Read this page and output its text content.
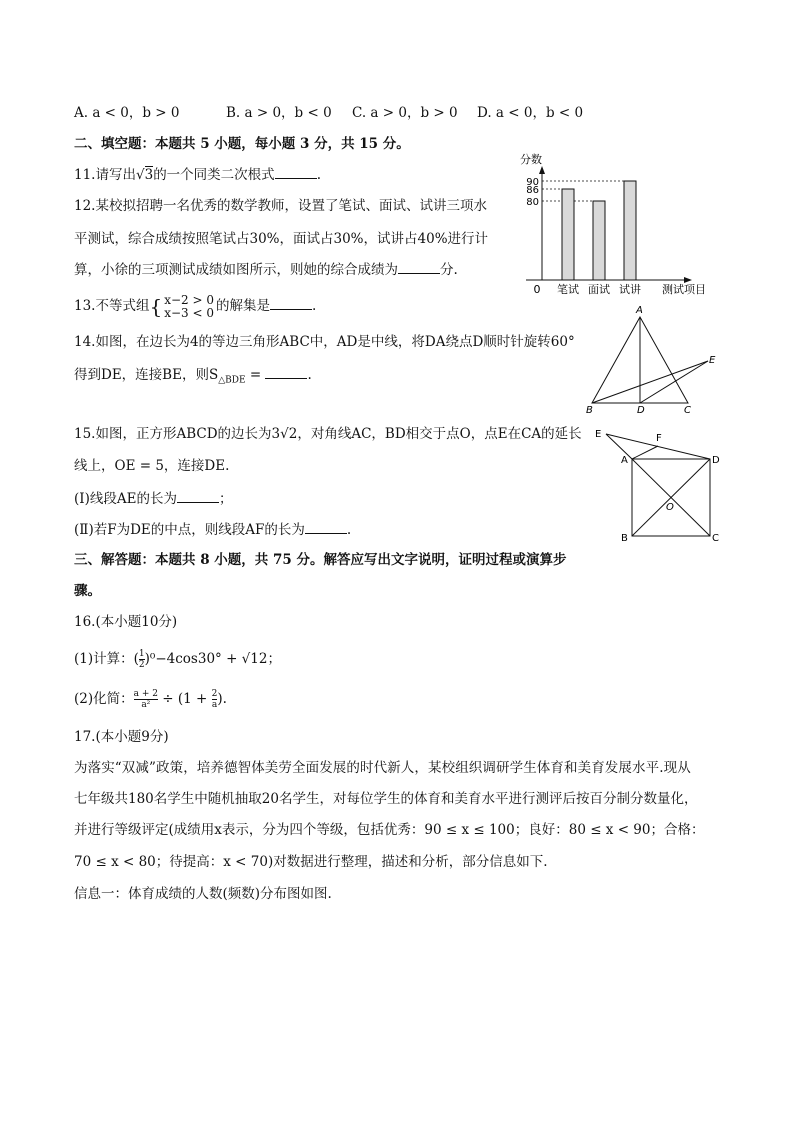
A. a < 0，b > 0	B. a > 0，b < 0 C. a > 0，b > 0 D. a < 0，b < 0
二、填空题：本题共 5 小题，每小题 3 分，共 15 分。
11.请写出√3的一个同类二次根式	.
12.某校拟招聘一名优秀的数学教师，设置了笔试、面试、试讲三项水
平测试，综合成绩按照笔试占30%，面试占30%，试讲占40%进行计
算，小徐的三项测试成绩如图所示，则她的综合成绩为	分.
分数
80
86
90
笔试 面试 试讲
0	测试项目
13.不等式组{ x−2 > 0
x−3 < 0 的解集是	.
14.如图，在边长为4的等边三角形ABC中，AD是中线，将DA绕点D顺时针旋转60°
得到DE，连接BE，则$S_{\triangle BDE}$ =	.
A
B	D	C
E
15.如图，正方形ABCD的边长为3√2，对角线AC，BD相交于点O，点E在CA的延长
线上，OE = 5，连接DE.
(Ⅰ)线段AE的长为	；
(Ⅱ)若F为DE的中点，则线段AF的长为	.
E	F
A	D
O
B	C
三、解答题：本题共 8 小题，共 75 分。解答应写出文字说明，证明过程或演算步
骤。
16.(本小题10分)
(1)计算：( $\frac{1}{2} )^0-4\cos 30^\circ + √12$；
(2)化简： $\frac{a + 2}{\text{a²}} \div (1 + \frac{2}{a}$ ).
17.(本小题9分)
为落实“双减”政策，培养德智体美劳全面发展的时代新人，某校组织调研学生体育和美育发展水平.现从
七年级共180名学生中随机抽取20名学生，对每位学生的体育和美育水平进行测评后按百分制分数量化，
并进行等级评定(成绩用x表示，分为四个等级，包括优秀：90 ≤ x ≤ 100；良好：80 ≤ x < 90；合格：
70 ≤ x < 80；待提高：x < 70)对数据进行整理，描述和分析，部分信息如下.
信息一：体育成绩的人数(频数)分布图如图.
